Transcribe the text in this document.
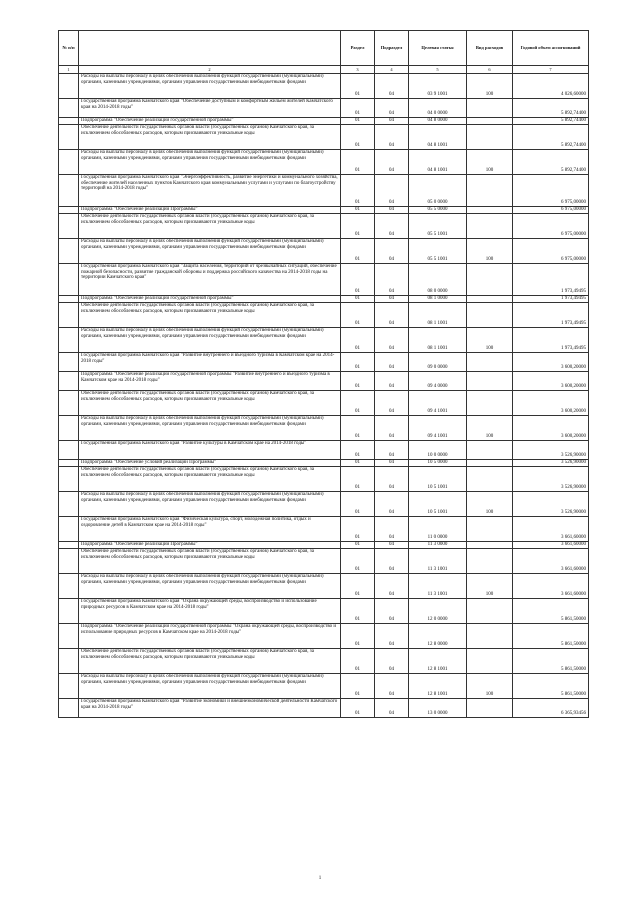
№ п/п		Раздел	Подраздел	Целевая статья	Вид расходов	Годовой объем ассигнований
1	2	3	4	5	6	7
	Расходы на выплаты персоналу в целях обеспечения выполнения функций государственными (муниципальными) органами, казенными учреждениями, органами управления государственными внебюджетными фондами	01	04	03 9 1001	100	4 026,60000
	Государственная программа Камчатского края "Обеспечение доступным и комфортным жильем жителей Камчатского края на 2014-2018 годы"	01	04	04 0 0000		5 892,74400
	Подпрограмма "Обеспечение реализации государственной программы"	01	04	04 8 0000		5 892,74400
	Обеспечение деятельности государственных органов власти (государственных органов) Камчатского края, за исключением обособленных расходов, которым присваиваются уникальные коды	01	04	04 8 1001		5 892,74400
	Расходы на выплаты персоналу в целях обеспечения выполнения функций государственными (муниципальными) органами, казенными учреждениями, органами управления государственными внебюджетными фондами	01	04	04 8 1001	100	5 892,74400
	Государственная программа Камчатского края "Энергоэффективность, развитие энергетики и коммунального хозяйства, обеспечение жителей населенных пунктов Камчатского края коммунальными услугами и услугами по благоустройству территорий на 2014-2018 годы"	01	04	05 0 0000		6 975,00000
	Подпрограмма "Обеспечение реализации Программы"	01	04	05 5 0000		6 975,00000
	Обеспечение деятельности государственных органов власти (государственных органов) Камчатского края, за исключением обособленных расходов, которым присваиваются уникальные коды	01	04	05 5 1001		6 975,00000
	Расходы на выплаты персоналу в целях обеспечения выполнения функций государственными (муниципальными) органами, казенными учреждениями, органами управления государственными внебюджетными фондами	01	04	05 5 1001	100	6 975,00000
	Государственная программа Камчатского края "Защита населения, территорий от чрезвычайных ситуаций, обеспечение пожарной безопасности, развитие гражданской обороны и поддержка российского казачества на 2014-2018 годы на территории Камчатского края"	01	04	08 0 0000		1 973,49495
	Подпрограмма "Обеспечение реализации государственной программы"	01	04	08 1 0000		1 973,49495
	Обеспечение деятельности государственных органов власти (государственных органов) Камчатского края, за исключением обособленных расходов, которым присваиваются уникальные коды	01	04	08 1 1001		1 973,49495
	Расходы на выплаты персоналу в целях обеспечения выполнения функций государственными (муниципальными) органами, казенными учреждениями, органами управления государственными внебюджетными фондами	01	04	08 1 1001	100	1 973,49495
	Государственная программа Камчатского края "Развитие внутреннего и въездного туризма в Камчатском крае на 2014-2018 годы"	01	04	09 0 0000		3 600,20000
	Подпрограмма "Обеспечение реализации государственной программы "Развитие внутреннего и въездного туризма в Камчатском крае на 2014-2018 годы"	01	04	09 4 0000		3 600,20000
	Обеспечение деятельности государственных органов власти (государственных органов) Камчатского края, за исключением обособленных расходов, которым присваиваются уникальные коды	01	04	09 4 1001		3 600,20000
	Расходы на выплаты персоналу в целях обеспечения выполнения функций государственными (муниципальными) органами, казенными учреждениями, органами управления государственными внебюджетными фондами	01	04	09 4 1001	100	3 600,20000
	Государственная программа Камчатского края "Развитие культуры в Камчатском крае на 2014-2018 годы"	01	04	10 0 0000		3 526,90000
	Подпрограмма "Обеспечение условий реализации Программы"	01	04	10 5 0000		3 526,90000
	Обеспечение деятельности государственных органов власти (государственных органов) Камчатского края, за исключением обособленных расходов, которым присваиваются уникальные коды	01	04	10 5 1001		3 526,90000
	Расходы на выплаты персоналу в целях обеспечения выполнения функций государственными (муниципальными) органами, казенными учреждениями, органами управления государственными внебюджетными фондами	01	04	10 5 1001	100	3 526,90000
	Государственная программа Камчатского края "Физическая культура, спорт, молодежная политика, отдых и оздоровление детей в Камчатском крае на 2014-2018 годы"	01	04	11 0 0000		3 661,60000
	Подпрограмма "Обеспечение реализации Программы"	01	04	11 3 0000		3 661,60000
	Обеспечение деятельности государственных органов власти (государственных органов) Камчатского края, за исключением обособленных расходов, которым присваиваются уникальные коды	01	04	11 3 1001		3 661,60000
	Расходы на выплаты персоналу в целях обеспечения выполнения функций государственными (муниципальными) органами, казенными учреждениями, органами управления государственными внебюджетными фондами	01	04	11 3 1001	100	3 661,60000
	Государственная программа Камчатского края "Охрана окружающей среды, воспроизводство и использование природных ресурсов в Камчатском крае на 2014-2018 годы"	01	04	12 0 0000		5 861,50000
	Подпрограмма "Обеспечение реализации государственной программы "Охрана окружающей среды, воспроизводство и использование природных ресурсов в Камчатском крае на 2014-2018 годы"	01	04	12 8 0000		5 861,50000
	Обеспечение деятельности государственных органов власти (государственных органов) Камчатского края, за исключением обособленных расходов, которым присваиваются уникальные коды	01	04	12 8 1001		5 861,50000
	Расходы на выплаты персоналу в целях обеспечения выполнения функций государственными (муниципальными) органами, казенными учреждениями, органами управления государственными внебюджетными фондами	01	04	12 8 1001	100	5 861,50000
	Государственная программа Камчатского края "Развитие экономики и внешнеэкономической деятельности Камчатского края на 2014-2018 годы"	01	04	13 0 0000		6 365,93456
1
